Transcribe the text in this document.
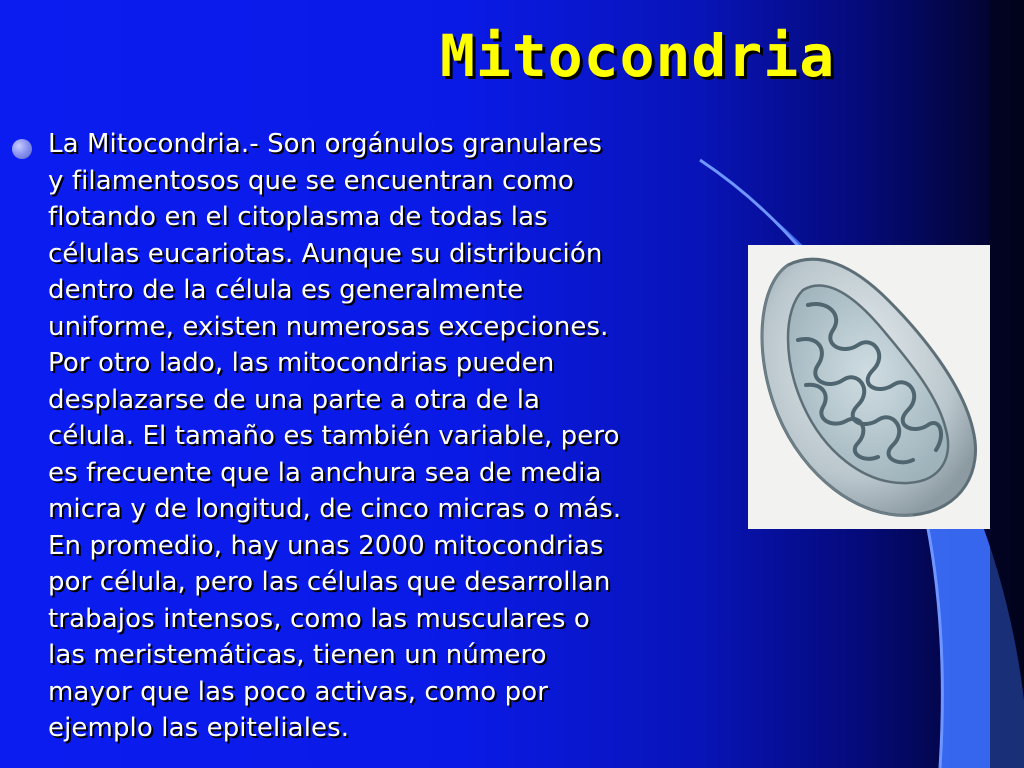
Mitocondria

La Mitocondria.- Son orgánulos granulares
y filamentosos que se encuentran como
flotando en el citoplasma de todas las
células eucariotas. Aunque su distribución
dentro de la célula es generalmente
uniforme, existen numerosas excepciones.
Por otro lado, las mitocondrias pueden
desplazarse de una parte a otra de la
célula. El tamaño es también variable, pero
es frecuente que la anchura sea de media
micra y de longitud, de cinco micras o más.
En promedio, hay unas 2000 mitocondrias
por célula, pero las células que desarrollan
trabajos intensos, como las musculares o
las meristemáticas, tienen un número
mayor que las poco activas, como por
ejemplo las epiteliales.
